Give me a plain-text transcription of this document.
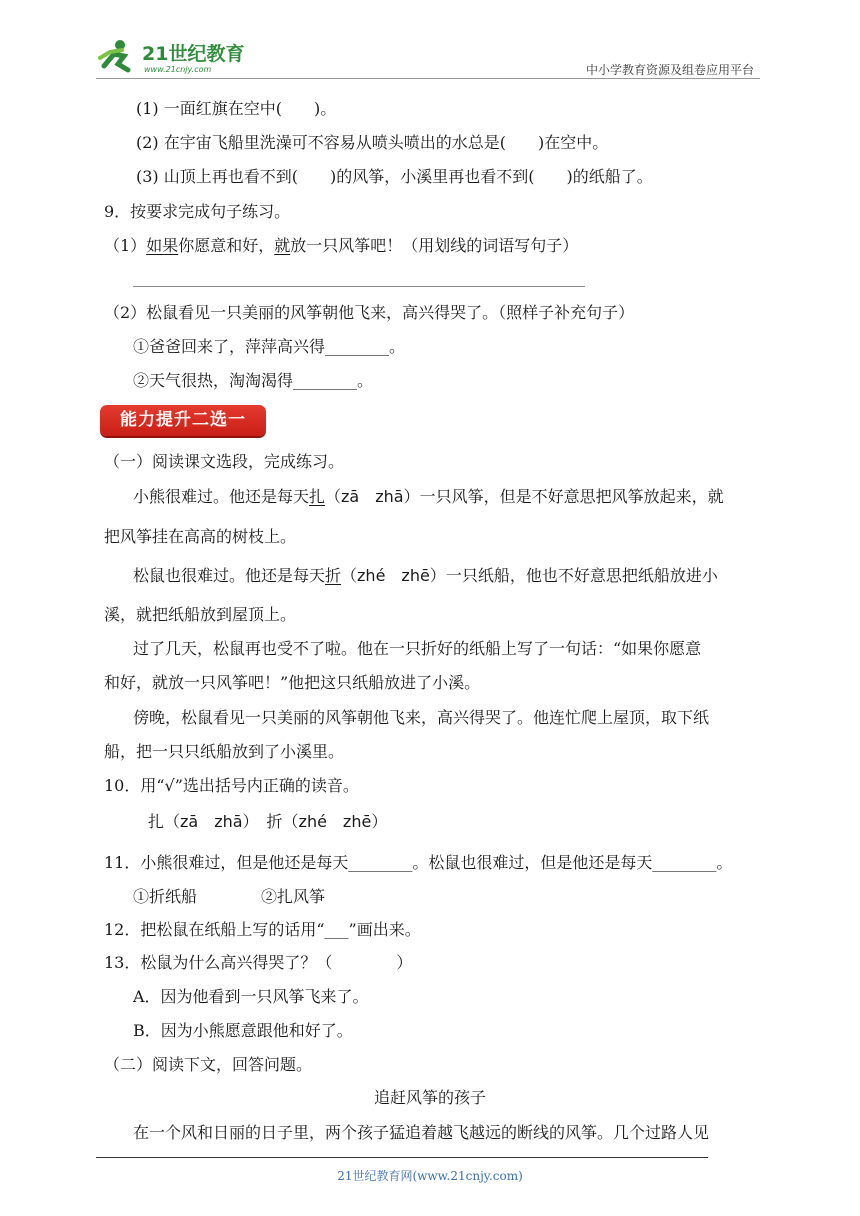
21世纪教育
www.21cnjy.com	中小学教育资源及组卷应用平台
(1) 一面红旗在空中(　　)。
(2) 在宇宙飞船里洗澡可不容易从喷头喷出的水总是(　　)在空中。
(3) 山顶上再也看不到(　　)的风筝，小溪里再也看不到(　　)的纸船了。
9．按要求完成句子练习。
（1）如果你愿意和好，就放一只风筝吧！（用划线的词语写句子）
（2）松鼠看见一只美丽的风筝朝他飞来，高兴得哭了。（照样子补充句子）
①爸爸回来了，萍萍高兴得________。
②天气很热，淘淘渴得________。
能力提升二选一
（一）阅读课文选段，完成练习。
小熊很难过。他还是每天扎（zā　zhā）一只风筝，但是不好意思把风筝放起来，就
把风筝挂在高高的树枝上。
松鼠也很难过。他还是每天折（zhé　zhē）一只纸船，他也不好意思把纸船放进小
溪，就把纸船放到屋顶上。
过了几天，松鼠再也受不了啦。他在一只折好的纸船上写了一句话：“如果你愿意
和好，就放一只风筝吧！”他把这只纸船放进了小溪。
傍晚，松鼠看见一只美丽的风筝朝他飞来，高兴得哭了。他连忙爬上屋顶，取下纸
船，把一只只纸船放到了小溪里。
10．用“√”选出括号内正确的读音。
扎（zā　zhā）　折（zhé　zhē）
11．小熊很难过，但是他还是每天________。松鼠也很难过，但是他还是每天________。
①折纸船　　　　②扎风筝
12．把松鼠在纸船上写的话用“___”画出来。
13．松鼠为什么高兴得哭了？（　　　　）
A．因为他看到一只风筝飞来了。
B．因为小熊愿意跟他和好了。
（二）阅读下文，回答问题。
追赶风筝的孩子
在一个风和日丽的日子里，两个孩子猛追着越飞越远的断线的风筝。几个过路人见
21世纪教育网(www.21cnjy.com)
